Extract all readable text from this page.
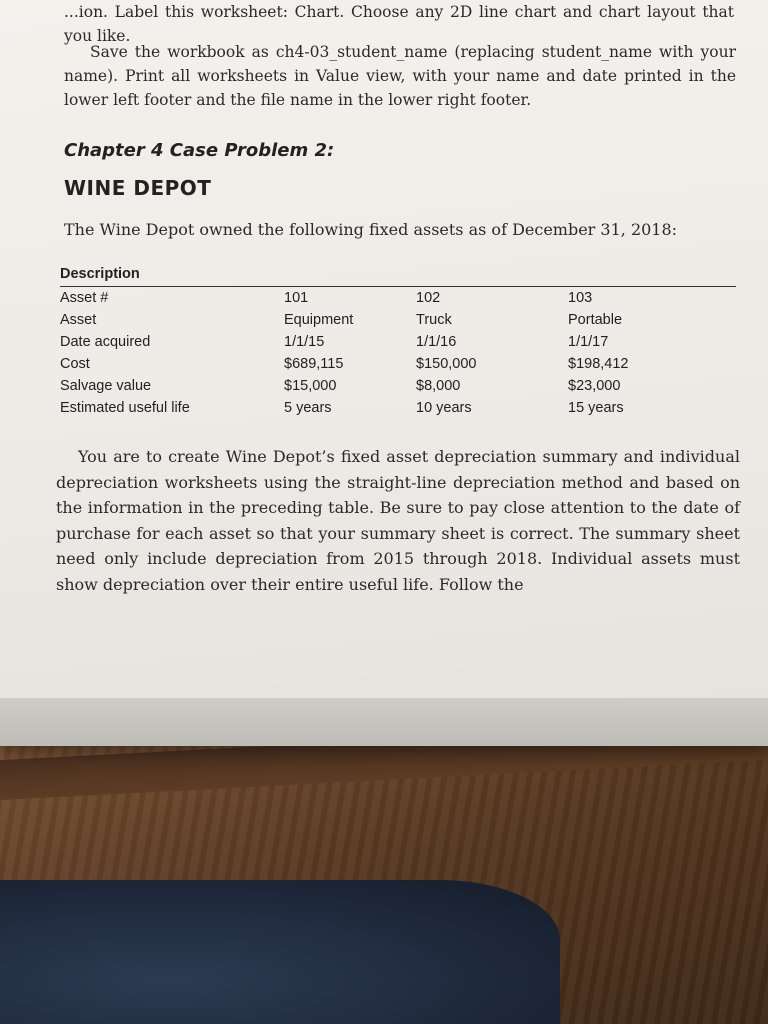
...ion. Label this worksheet: Chart. Choose any 2D line chart and chart layout that you like.

Save the workbook as ch4-03_student_name (replacing student_name with your name). Print all worksheets in Value view, with your name and date printed in the lower left footer and the file name in the lower right footer.

Chapter 4 Case Problem 2:
WINE DEPOT

The Wine Depot owned the following fixed assets as of December 31, 2018:

Description
Asset #	101	102	103
Asset	Equipment	Truck	Portable
Date acquired	1/1/15	1/1/16	1/1/17
Cost	$689,115	$150,000	$198,412
Salvage value	$15,000	$8,000	$23,000
Estimated useful life	5 years	10 years	15 years

You are to create Wine Depot’s fixed asset depreciation summary and individual depreciation worksheets using the straight-line depreciation method and based on the information in the preceding table. Be sure to pay close attention to the date of purchase for each asset so that your summary sheet is correct. The summary sheet need only include depreciation from 2015 through 2018. Individual assets must show depreciation over their entire useful life. Follow the
